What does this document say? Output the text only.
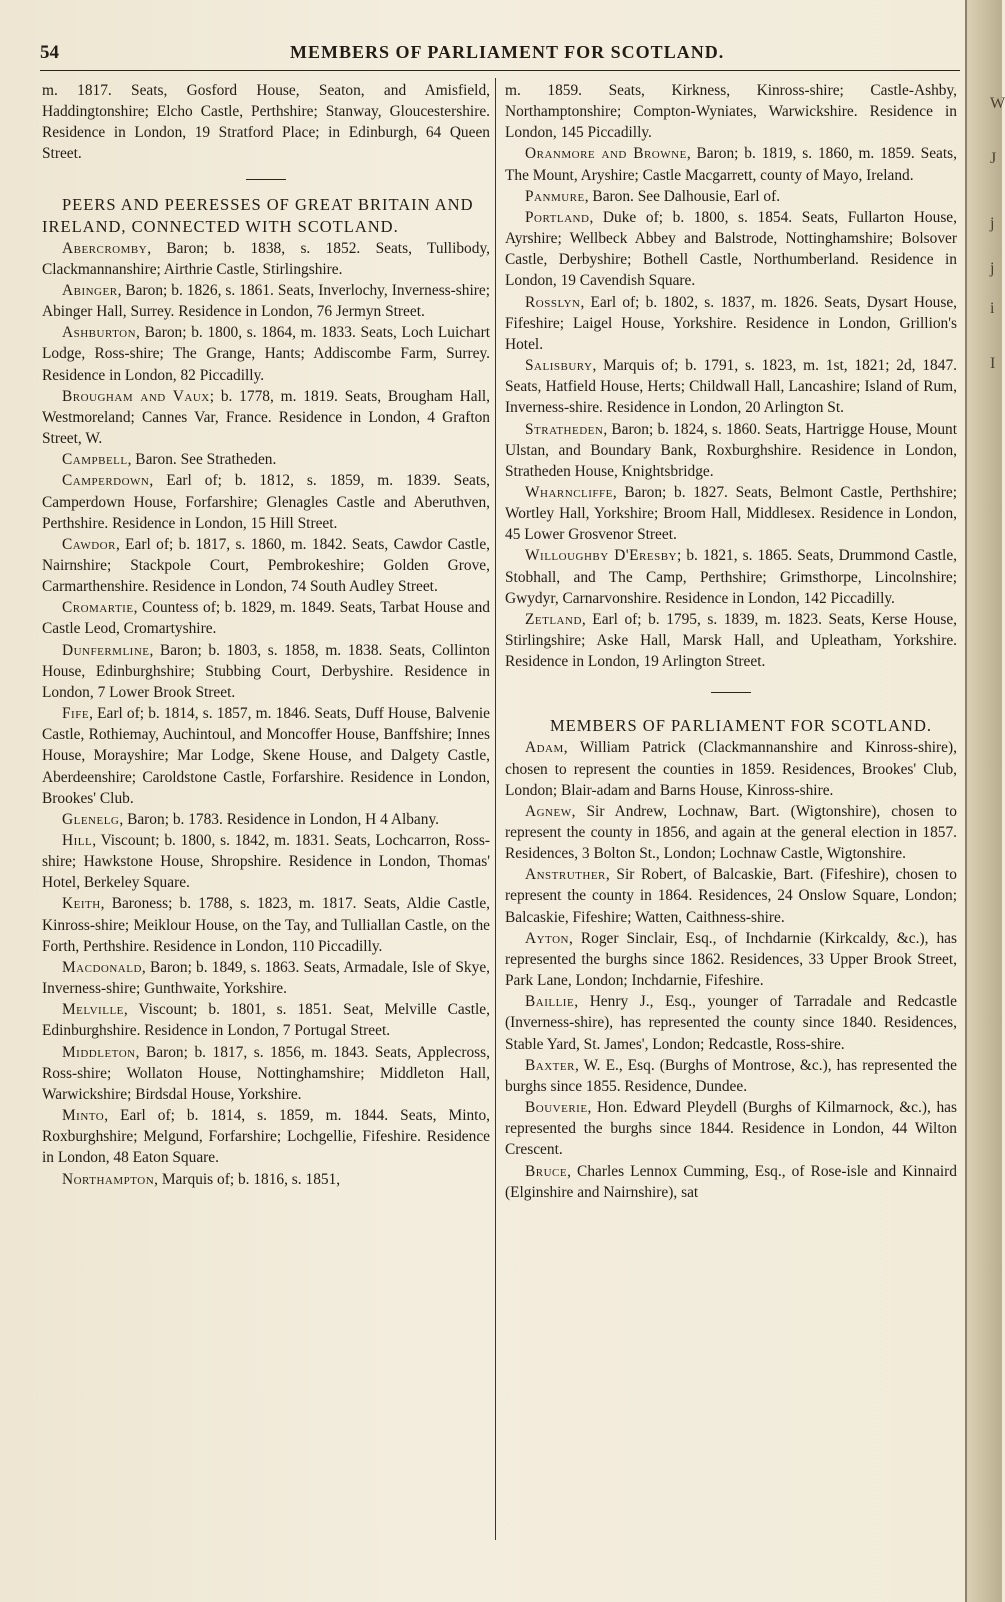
54	MEMBERS OF PARLIAMENT FOR SCOTLAND.

m. 1817. Seats, Gosford House, Seaton, and Amisfield, Haddingtonshire; Elcho Castle, Perthshire; Stanway, Gloucestershire. Residence in London, 19 Stratford Place; in Edinburgh, 64 Queen Street.

PEERS AND PEERESSES OF GREAT BRITAIN AND IRELAND, CONNECTED WITH SCOTLAND.

Abercromby, Baron; b. 1838, s. 1852. Seats, Tullibody, Clackmannanshire; Airthrie Castle, Stirlingshire.

Abinger, Baron; b. 1826, s. 1861. Seats, Inverlochy, Inverness-shire; Abinger Hall, Surrey. Residence in London, 76 Jermyn Street.

Ashburton, Baron; b. 1800, s. 1864, m. 1833. Seats, Loch Luichart Lodge, Ross-shire; The Grange, Hants; Addiscombe Farm, Surrey. Residence in London, 82 Piccadilly.

Brougham and Vaux; b. 1778, m. 1819. Seats, Brougham Hall, Westmoreland; Cannes Var, France. Residence in London, 4 Grafton Street, W.

Campbell, Baron. See Stratheden.

Camperdown, Earl of; b. 1812, s. 1859, m. 1839. Seats, Camperdown House, Forfarshire; Glenagles Castle and Aberuthven, Perthshire. Residence in London, 15 Hill Street.

Cawdor, Earl of; b. 1817, s. 1860, m. 1842. Seats, Cawdor Castle, Nairnshire; Stackpole Court, Pembrokeshire; Golden Grove, Carmarthenshire. Residence in London, 74 South Audley Street.

Cromartie, Countess of; b. 1829, m. 1849. Seats, Tarbat House and Castle Leod, Cromartyshire.

Dunfermline, Baron; b. 1803, s. 1858, m. 1838. Seats, Collinton House, Edinburghshire; Stubbing Court, Derbyshire. Residence in London, 7 Lower Brook Street.

Fife, Earl of; b. 1814, s. 1857, m. 1846. Seats, Duff House, Balvenie Castle, Rothiemay, Auchintoul, and Moncoffer House, Banffshire; Innes House, Morayshire; Mar Lodge, Skene House, and Dalgety Castle, Aberdeenshire; Caroldstone Castle, Forfarshire. Residence in London, Brookes' Club.

Glenelg, Baron; b. 1783. Residence in London, H 4 Albany.

Hill, Viscount; b. 1800, s. 1842, m. 1831. Seats, Lochcarron, Ross-shire; Hawkstone House, Shropshire. Residence in London, Thomas' Hotel, Berkeley Square.

Keith, Baroness; b. 1788, s. 1823, m. 1817. Seats, Aldie Castle, Kinross-shire; Meiklour House, on the Tay, and Tulliallan Castle, on the Forth, Perthshire. Residence in London, 110 Piccadilly.

Macdonald, Baron; b. 1849, s. 1863. Seats, Armadale, Isle of Skye, Inverness-shire; Gunthwaite, Yorkshire.

Melville, Viscount; b. 1801, s. 1851. Seat, Melville Castle, Edinburghshire. Residence in London, 7 Portugal Street.

Middleton, Baron; b. 1817, s. 1856, m. 1843. Seats, Applecross, Ross-shire; Wollaton House, Nottinghamshire; Middleton Hall, Warwickshire; Birdsdal House, Yorkshire.

Minto, Earl of; b. 1814, s. 1859, m. 1844. Seats, Minto, Roxburghshire; Melgund, Forfarshire; Lochgellie, Fifeshire. Residence in London, 48 Eaton Square.

Northampton, Marquis of; b. 1816, s. 1851,

m. 1859. Seats, Kirkness, Kinross-shire; Castle-Ashby, Northamptonshire; Compton-Wyniates, Warwickshire. Residence in London, 145 Piccadilly.

Oranmore and Browne, Baron; b. 1819, s. 1860, m. 1859. Seats, The Mount, Aryshire; Castle Macgarrett, county of Mayo, Ireland.

Panmure, Baron. See Dalhousie, Earl of.

Portland, Duke of; b. 1800, s. 1854. Seats, Fullarton House, Ayrshire; Wellbeck Abbey and Balstrode, Nottinghamshire; Bolsover Castle, Derbyshire; Bothell Castle, Northumberland. Residence in London, 19 Cavendish Square.

Rosslyn, Earl of; b. 1802, s. 1837, m. 1826. Seats, Dysart House, Fifeshire; Laigel House, Yorkshire. Residence in London, Grillion's Hotel.

Salisbury, Marquis of; b. 1791, s. 1823, m. 1st, 1821; 2d, 1847. Seats, Hatfield House, Herts; Childwall Hall, Lancashire; Island of Rum, Inverness-shire. Residence in London, 20 Arlington St.

Stratheden, Baron; b. 1824, s. 1860. Seats, Hartrigge House, Mount Ulstan, and Boundary Bank, Roxburghshire. Residence in London, Stratheden House, Knightsbridge.

Wharncliffe, Baron; b. 1827. Seats, Belmont Castle, Perthshire; Wortley Hall, Yorkshire; Broom Hall, Middlesex. Residence in London, 45 Lower Grosvenor Street.

Willoughby D'Eresby; b. 1821, s. 1865. Seats, Drummond Castle, Stobhall, and The Camp, Perthshire; Grimsthorpe, Lincolnshire; Gwydyr, Carnarvonshire. Residence in London, 142 Piccadilly.

Zetland, Earl of; b. 1795, s. 1839, m. 1823. Seats, Kerse House, Stirlingshire; Aske Hall, Marsk Hall, and Upleatham, Yorkshire. Residence in London, 19 Arlington Street.

MEMBERS OF PARLIAMENT FOR SCOTLAND.

Adam, William Patrick (Clackmannanshire and Kinross-shire), chosen to represent the counties in 1859. Residences, Brookes' Club, London; Blair-adam and Barns House, Kinross-shire.

Agnew, Sir Andrew, Lochnaw, Bart. (Wigtonshire), chosen to represent the county in 1856, and again at the general election in 1857. Residences, 3 Bolton St., London; Lochnaw Castle, Wigtonshire.

Anstruther, Sir Robert, of Balcaskie, Bart. (Fifeshire), chosen to represent the county in 1864. Residences, 24 Onslow Square, London; Balcaskie, Fifeshire; Watten, Caithness-shire.

Ayton, Roger Sinclair, Esq., of Inchdarnie (Kirkcaldy, &c.), has represented the burghs since 1862. Residences, 33 Upper Brook Street, Park Lane, London; Inchdarnie, Fifeshire.

Baillie, Henry J., Esq., younger of Tarradale and Redcastle (Inverness-shire), has represented the county since 1840. Residences, Stable Yard, St. James', London; Redcastle, Ross-shire.

Baxter, W. E., Esq. (Burghs of Montrose, &c.), has represented the burghs since 1855. Residence, Dundee.

Bouverie, Hon. Edward Pleydell (Burghs of Kilmarnock, &c.), has represented the burghs since 1844. Residence in London, 44 Wilton Crescent.

Bruce, Charles Lennox Cumming, Esq., of Rose-isle and Kinnaird (Elginshire and Nairnshire), sat

W
J
j
j
i
I
